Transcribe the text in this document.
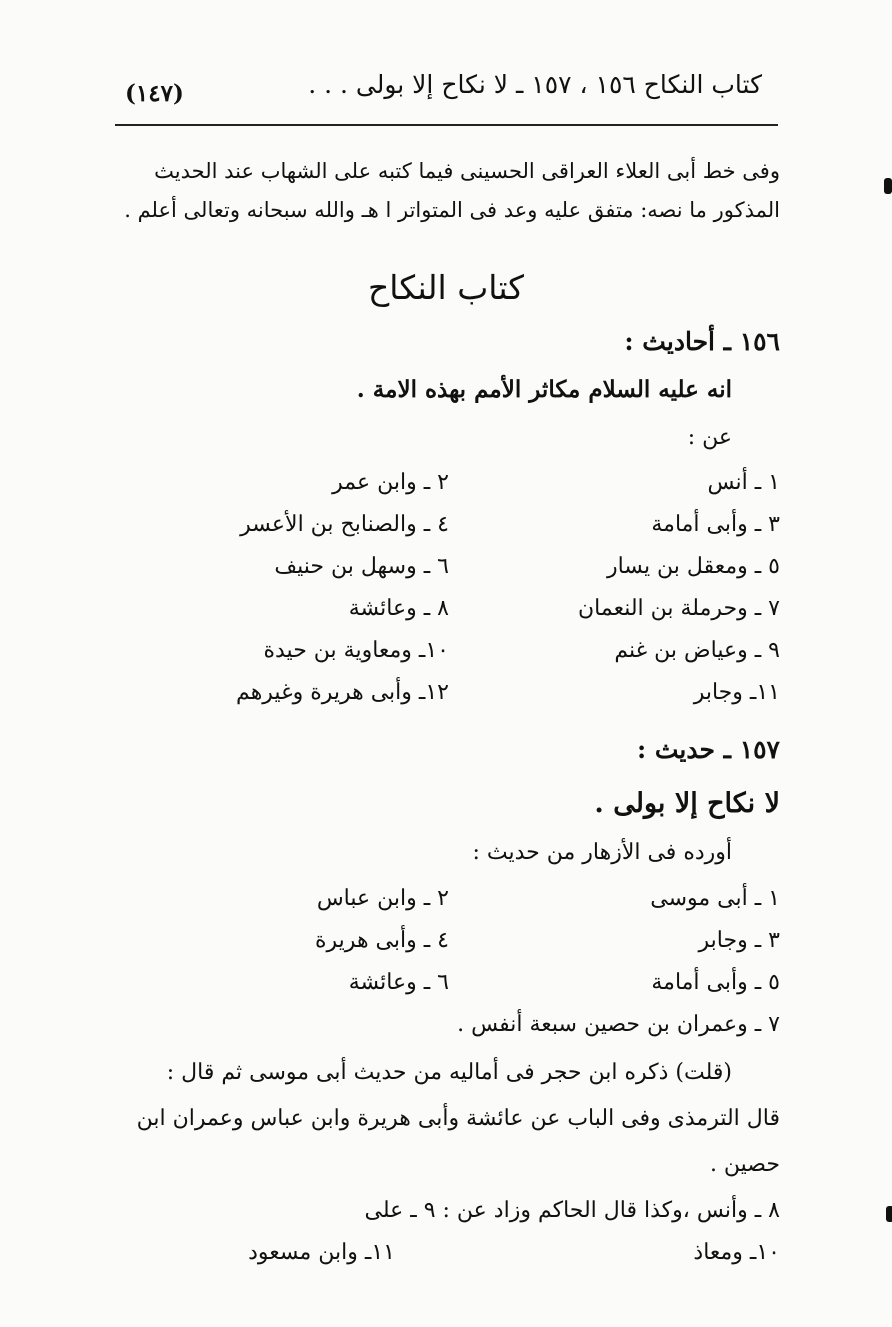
كتاب النكاح ١٥٦ ، ١٥٧ ـ لا نكاح إلا بولى . . .
(١٤٧)

وفى خط أبى العلاء العراقى الحسينى فيما كتبه على الشهاب عند الحديث

المذكور ما نصه: متفق عليه وعد فى المتواتر ا هـ والله سبحانه وتعالى أعلم .

كتاب النكاح
١٥٦ ـ أحاديث :
انه عليه السلام مكاثر الأمم بهذه الامة .
عن :
١ ـ أنس
٢ ـ وابن عمر
٣ ـ وأبى أمامة
٤ ـ والصنابح بن الأعسر
٥ ـ ومعقل بن يسار
٦ ـ وسهل بن حنيف
٧ ـ وحرملة بن النعمان
٨ ـ وعائشة
٩ ـ وعياض بن غنم
١٠ـ ومعاوية بن حيدة
١١ـ وجابر
١٢ـ وأبى هريرة وغيرهم
١٥٧ ـ حديث :
لا نكاح إلا بولى .
أورده فى الأزهار من حديث :
١ ـ أبى موسى
٢ ـ وابن عباس
٣ ـ وجابر
٤ ـ وأبى هريرة
٥ ـ وأبى أمامة
٦ ـ وعائشة
٧ ـ وعمران بن حصين سبعة أنفس .
(قلت) ذكره ابن حجر فى أماليه من حديث أبى موسى ثم قال :
قال الترمذى وفى الباب عن عائشة وأبى هريرة وابن عباس وعمران ابن
حصين .
٨ ـ وأنس ،وكذا قال الحاكم وزاد عن : ٩ ـ على
١٠ـ ومعاذ
١١ـ وابن مسعود
